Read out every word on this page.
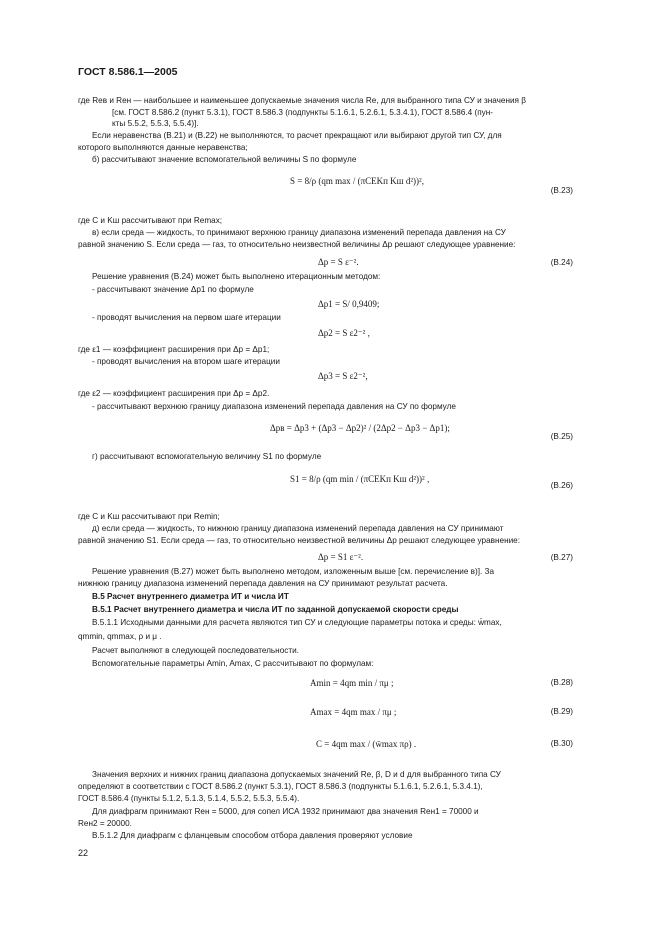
ГОСТ 8.586.1—2005
где Reв и Reн — наибольшее и наименьшее допускаемые значения числа Re, для выбранного типа СУ и значения β
[см. ГОСТ 8.586.2 (пункт 5.3.1), ГОСТ 8.586.3 (подпункты 5.1.6.1, 5.2.6.1, 5.3.4.1), ГОСТ 8.586.4 (пун-
кты 5.5.2, 5.5.3, 5.5.4)].
Если неравенства (В.21) и (В.22) не выполняются, то расчет прекращают или выбирают другой тип СУ, для
которого выполняются данные неравенства;
б) рассчитывают значение вспомогательной величины S по формуле
S = 8/ρ (qm max / (πCEKп Kш d²))²,
(В.23)
где C и Kш рассчитывают при Remax;
в) если среда — жидкость, то принимают верхнюю границу диапазона изменений перепада давления на СУ
равной значению S. Если среда — газ, то относительно неизвестной величины Δp решают следующее уравнение:
Δp = S ε⁻².	(В.24)
Решение уравнения (В.24) может быть выполнено итерационным методом:
- рассчитывают значение Δp1 по формуле
Δp1 = S/ 0,9409;
- проводят вычисления на первом шаге итерации
Δp2 = S ε2⁻² ,
где ε1 — коэффициент расширения при Δp = Δp1;
- проводят вычисления на втором шаге итерации
Δp3 = S ε2⁻²,
где ε2 — коэффициент расширения при Δp = Δp2.
- рассчитывают верхнюю границу диапазона изменений перепада давления на СУ по формуле
Δpв = Δp3 + (Δp3 − Δp2)² / (2Δp2 − Δp3 − Δp1);
(В.25)
г) рассчитывают вспомогательную величину S1 по формуле
S1 = 8/ρ (qm min / (πCEKп Kш d²))² ,
(В.26)
где C и Kш рассчитывают при Remin;
д) если среда — жидкость, то нижнюю границу диапазона изменений перепада давления на СУ принимают
равной значению S1. Если среда — газ, то относительно неизвестной величины Δp решают следующее уравнение:
Δp = S1 ε⁻².	(В.27)
Решение уравнения (В.27) может быть выполнено методом, изложенным выше [см. перечисление в)]. За
нижнюю границу диапазона изменений перепада давления на СУ принимают результат расчета.
В.5 Расчет внутреннего диаметра ИТ и числа ИТ
В.5.1 Расчет внутреннего диаметра и числа ИТ по заданной допускаемой скорости среды
В.5.1.1 Исходными данными для расчета являются тип СУ и следующие параметры потока и среды: w̄max,
qmmin, qmmax, ρ и μ .
Расчет выполняют в следующей последовательности.
Вспомогательные параметры Amin, Amax, C рассчитывают по формулам:
Amin = 4qm min / πμ ;	(В.28)
Amax = 4qm max / πμ ;	(В.29)
C = 4qm max / (w̄max πρ) .	(В.30)
Значения верхних и нижних границ диапазона допускаемых значений Re, β, D и d для выбранного типа СУ
определяют в соответствии с ГОСТ 8.586.2 (пункт 5.3.1), ГОСТ 8.586.3 (подпункты 5.1.6.1, 5.2.6.1, 5.3.4.1),
ГОСТ 8.586.4 (пункты 5.1.2, 5.1.3, 5.1.4, 5.5.2, 5.5.3, 5.5.4).
Для диафрагм принимают Reн = 5000, для сопел ИСА 1932 принимают два значения Reн1 = 70000 и
Reн2 = 20000.
В.5.1.2 Для диафрагм с фланцевым способом отбора давления проверяют условие
22
